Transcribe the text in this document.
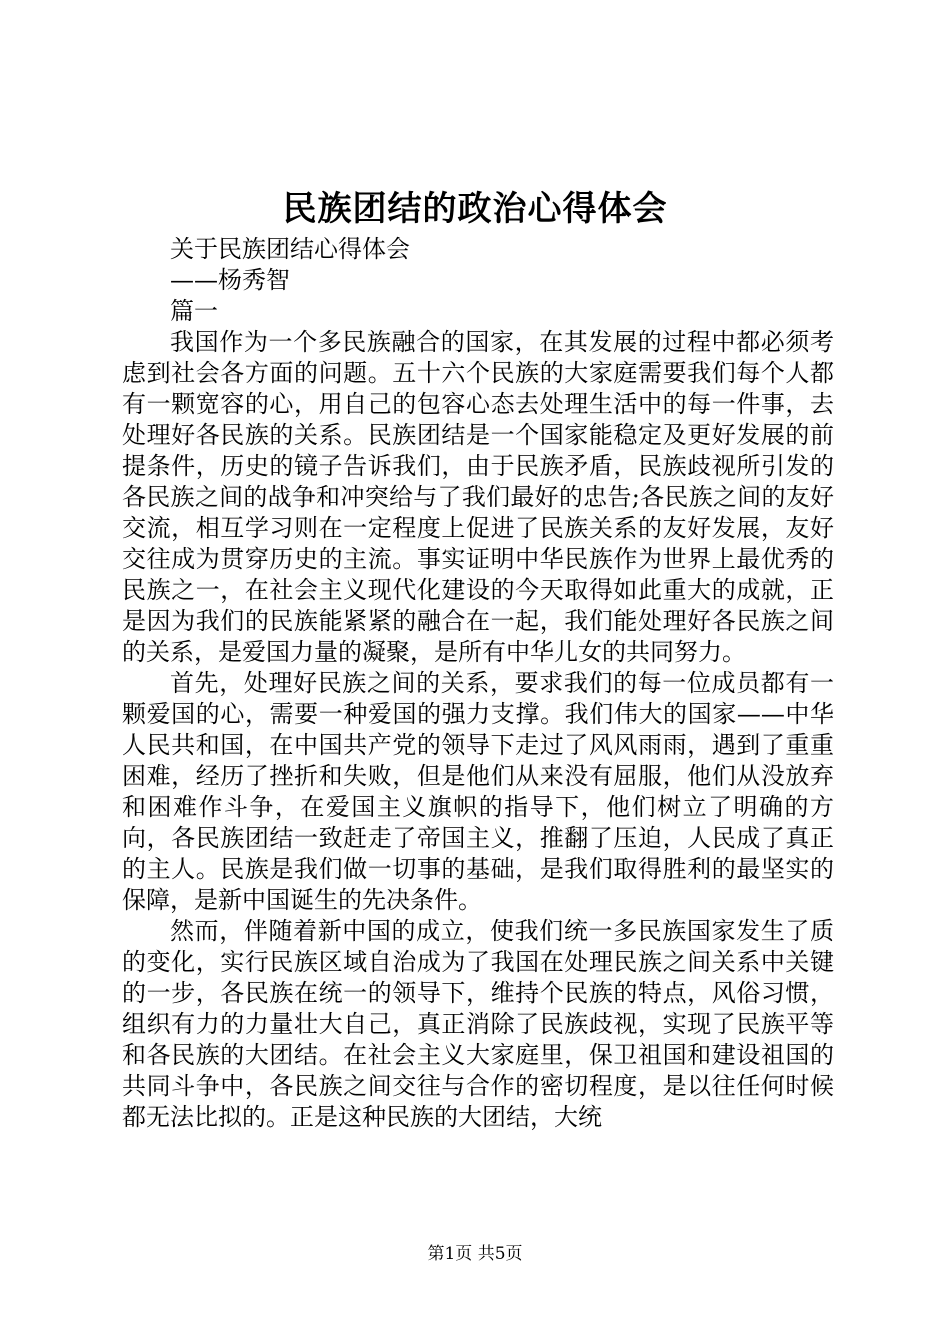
民族团结的政治心得体会

关于民族团结心得体会

——杨秀智

篇一

我国作为一个多民族融合的国家，在其发展的过程中都必须考虑到社会各方面的问题。五十六个民族的大家庭需要我们每个人都有一颗宽容的心，用自己的包容心态去处理生活中的每一件事，去处理好各民族的关系。民族团结是一个国家能稳定及更好发展的前提条件，历史的镜子告诉我们，由于民族矛盾，民族歧视所引发的各民族之间的战争和冲突给与了我们最好的忠告;各民族之间的友好交流，相互学习则在一定程度上促进了民族关系的友好发展，友好交往成为贯穿历史的主流。事实证明中华民族作为世界上最优秀的民族之一，在社会主义现代化建设的今天取得如此重大的成就，正是因为我们的民族能紧紧的融合在一起，我们能处理好各民族之间的关系，是爱国力量的凝聚，是所有中华儿女的共同努力。

首先，处理好民族之间的关系，要求我们的每一位成员都有一颗爱国的心，需要一种爱国的强力支撑。我们伟大的国家——中华人民共和国，在中国共产党的领导下走过了风风雨雨，遇到了重重困难，经历了挫折和失败，但是他们从来没有屈服，他们从没放弃和困难作斗争，在爱国主义旗帜的指导下，他们树立了明确的方向，各民族团结一致赶走了帝国主义，推翻了压迫，人民成了真正的主人。民族是我们做一切事的基础，是我们取得胜利的最坚实的保障，是新中国诞生的先决条件。

然而，伴随着新中国的成立，使我们统一多民族国家发生了质的变化，实行民族区域自治成为了我国在处理民族之间关系中关键的一步，各民族在统一的领导下，维持个民族的特点，风俗习惯，组织有力的力量壮大自己，真正消除了民族歧视，实现了民族平等和各民族的大团结。在社会主义大家庭里，保卫祖国和建设祖国的共同斗争中，各民族之间交往与合作的密切程度，是以往任何时候都无法比拟的。正是这种民族的大团结，大统

第1页 共5页
